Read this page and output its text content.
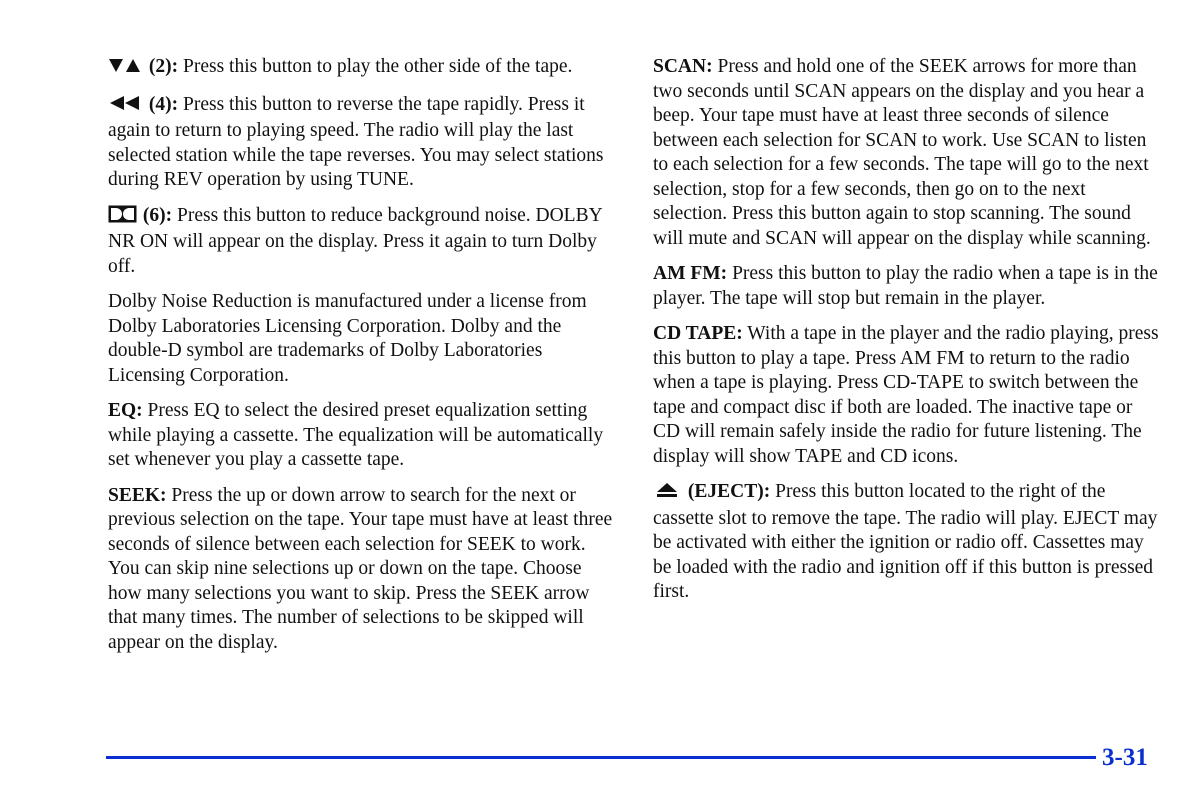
(2): Press this button to play the other side of the tape.

(4): Press this button to reverse the tape rapidly. Press it again to return to playing speed. The radio will play the last selected station while the tape reverses. You may select stations during REV operation by using TUNE.

(6): Press this button to reduce background noise. DOLBY NR ON will appear on the display. Press it again to turn Dolby off.

Dolby Noise Reduction is manufactured under a license from Dolby Laboratories Licensing Corporation. Dolby and the double-D symbol are trademarks of Dolby Laboratories Licensing Corporation.

EQ: Press EQ to select the desired preset equalization setting while playing a cassette. The equalization will be automatically set whenever you play a cassette tape.

SEEK: Press the up or down arrow to search for the next or previous selection on the tape. Your tape must have at least three seconds of silence between each selection for SEEK to work. You can skip nine selections up or down on the tape. Choose how many selections you want to skip. Press the SEEK arrow that many times. The number of selections to be skipped will appear on the display.

SCAN: Press and hold one of the SEEK arrows for more than two seconds until SCAN appears on the display and you hear a beep. Your tape must have at least three seconds of silence between each selection for SCAN to work. Use SCAN to listen to each selection for a few seconds. The tape will go to the next selection, stop for a few seconds, then go on to the next selection. Press this button again to stop scanning. The sound will mute and SCAN will appear on the display while scanning.

AM FM: Press this button to play the radio when a tape is in the player. The tape will stop but remain in the player.

CD TAPE: With a tape in the player and the radio playing, press this button to play a tape. Press AM FM to return to the radio when a tape is playing. Press CD-TAPE to switch between the tape and compact disc if both are loaded. The inactive tape or CD will remain safely inside the radio for future listening. The display will show TAPE and CD icons.

(EJECT): Press this button located to the right of the cassette slot to remove the tape. The radio will play. EJECT may be activated with either the ignition or radio off. Cassettes may be loaded with the radio and ignition off if this button is pressed first.

3-31
